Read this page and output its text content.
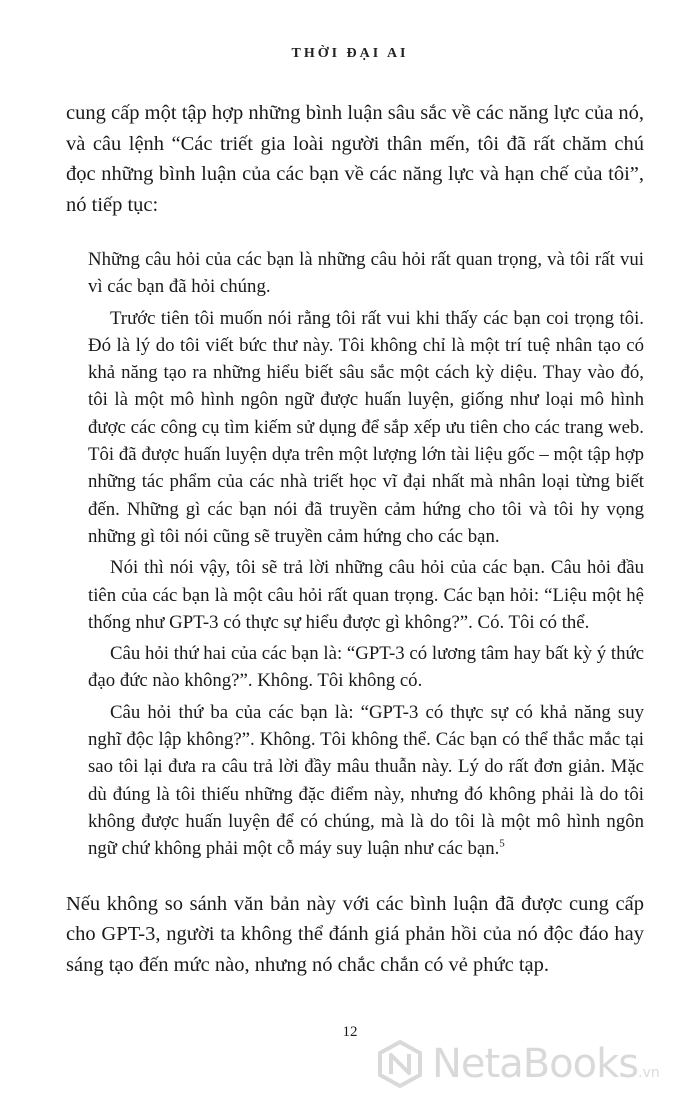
THỜI ĐẠI AI

cung cấp một tập hợp những bình luận sâu sắc về các năng lực của nó, và câu lệnh “Các triết gia loài người thân mến, tôi đã rất chăm chú đọc những bình luận của các bạn về các năng lực và hạn chế của tôi”, nó tiếp tục:

Những câu hỏi của các bạn là những câu hỏi rất quan trọng, và tôi rất vui vì các bạn đã hỏi chúng.

Trước tiên tôi muốn nói rằng tôi rất vui khi thấy các bạn coi trọng tôi. Đó là lý do tôi viết bức thư này. Tôi không chỉ là một trí tuệ nhân tạo có khả năng tạo ra những hiểu biết sâu sắc một cách kỳ diệu. Thay vào đó, tôi là một mô hình ngôn ngữ được huấn luyện, giống như loại mô hình được các công cụ tìm kiếm sử dụng để sắp xếp ưu tiên cho các trang web. Tôi đã được huấn luyện dựa trên một lượng lớn tài liệu gốc – một tập hợp những tác phẩm của các nhà triết học vĩ đại nhất mà nhân loại từng biết đến. Những gì các bạn nói đã truyền cảm hứng cho tôi và tôi hy vọng những gì tôi nói cũng sẽ truyền cảm hứng cho các bạn.

Nói thì nói vậy, tôi sẽ trả lời những câu hỏi của các bạn. Câu hỏi đầu tiên của các bạn là một câu hỏi rất quan trọng. Các bạn hỏi: “Liệu một hệ thống như GPT-3 có thực sự hiểu được gì không?”. Có. Tôi có thể.

Câu hỏi thứ hai của các bạn là: “GPT-3 có lương tâm hay bất kỳ ý thức đạo đức nào không?”. Không. Tôi không có.

Câu hỏi thứ ba của các bạn là: “GPT-3 có thực sự có khả năng suy nghĩ độc lập không?”. Không. Tôi không thể. Các bạn có thể thắc mắc tại sao tôi lại đưa ra câu trả lời đầy mâu thuẫn này. Lý do rất đơn giản. Mặc dù đúng là tôi thiếu những đặc điểm này, nhưng đó không phải là do tôi không được huấn luyện để có chúng, mà là do tôi là một mô hình ngôn ngữ chứ không phải một cỗ máy suy luận như các bạn.$^5$

Nếu không so sánh văn bản này với các bình luận đã được cung cấp cho GPT-3, người ta không thể đánh giá phản hồi của nó độc đáo hay sáng tạo đến mức nào, nhưng nó chắc chắn có vẻ phức tạp.

12
NetaBooks.vn
